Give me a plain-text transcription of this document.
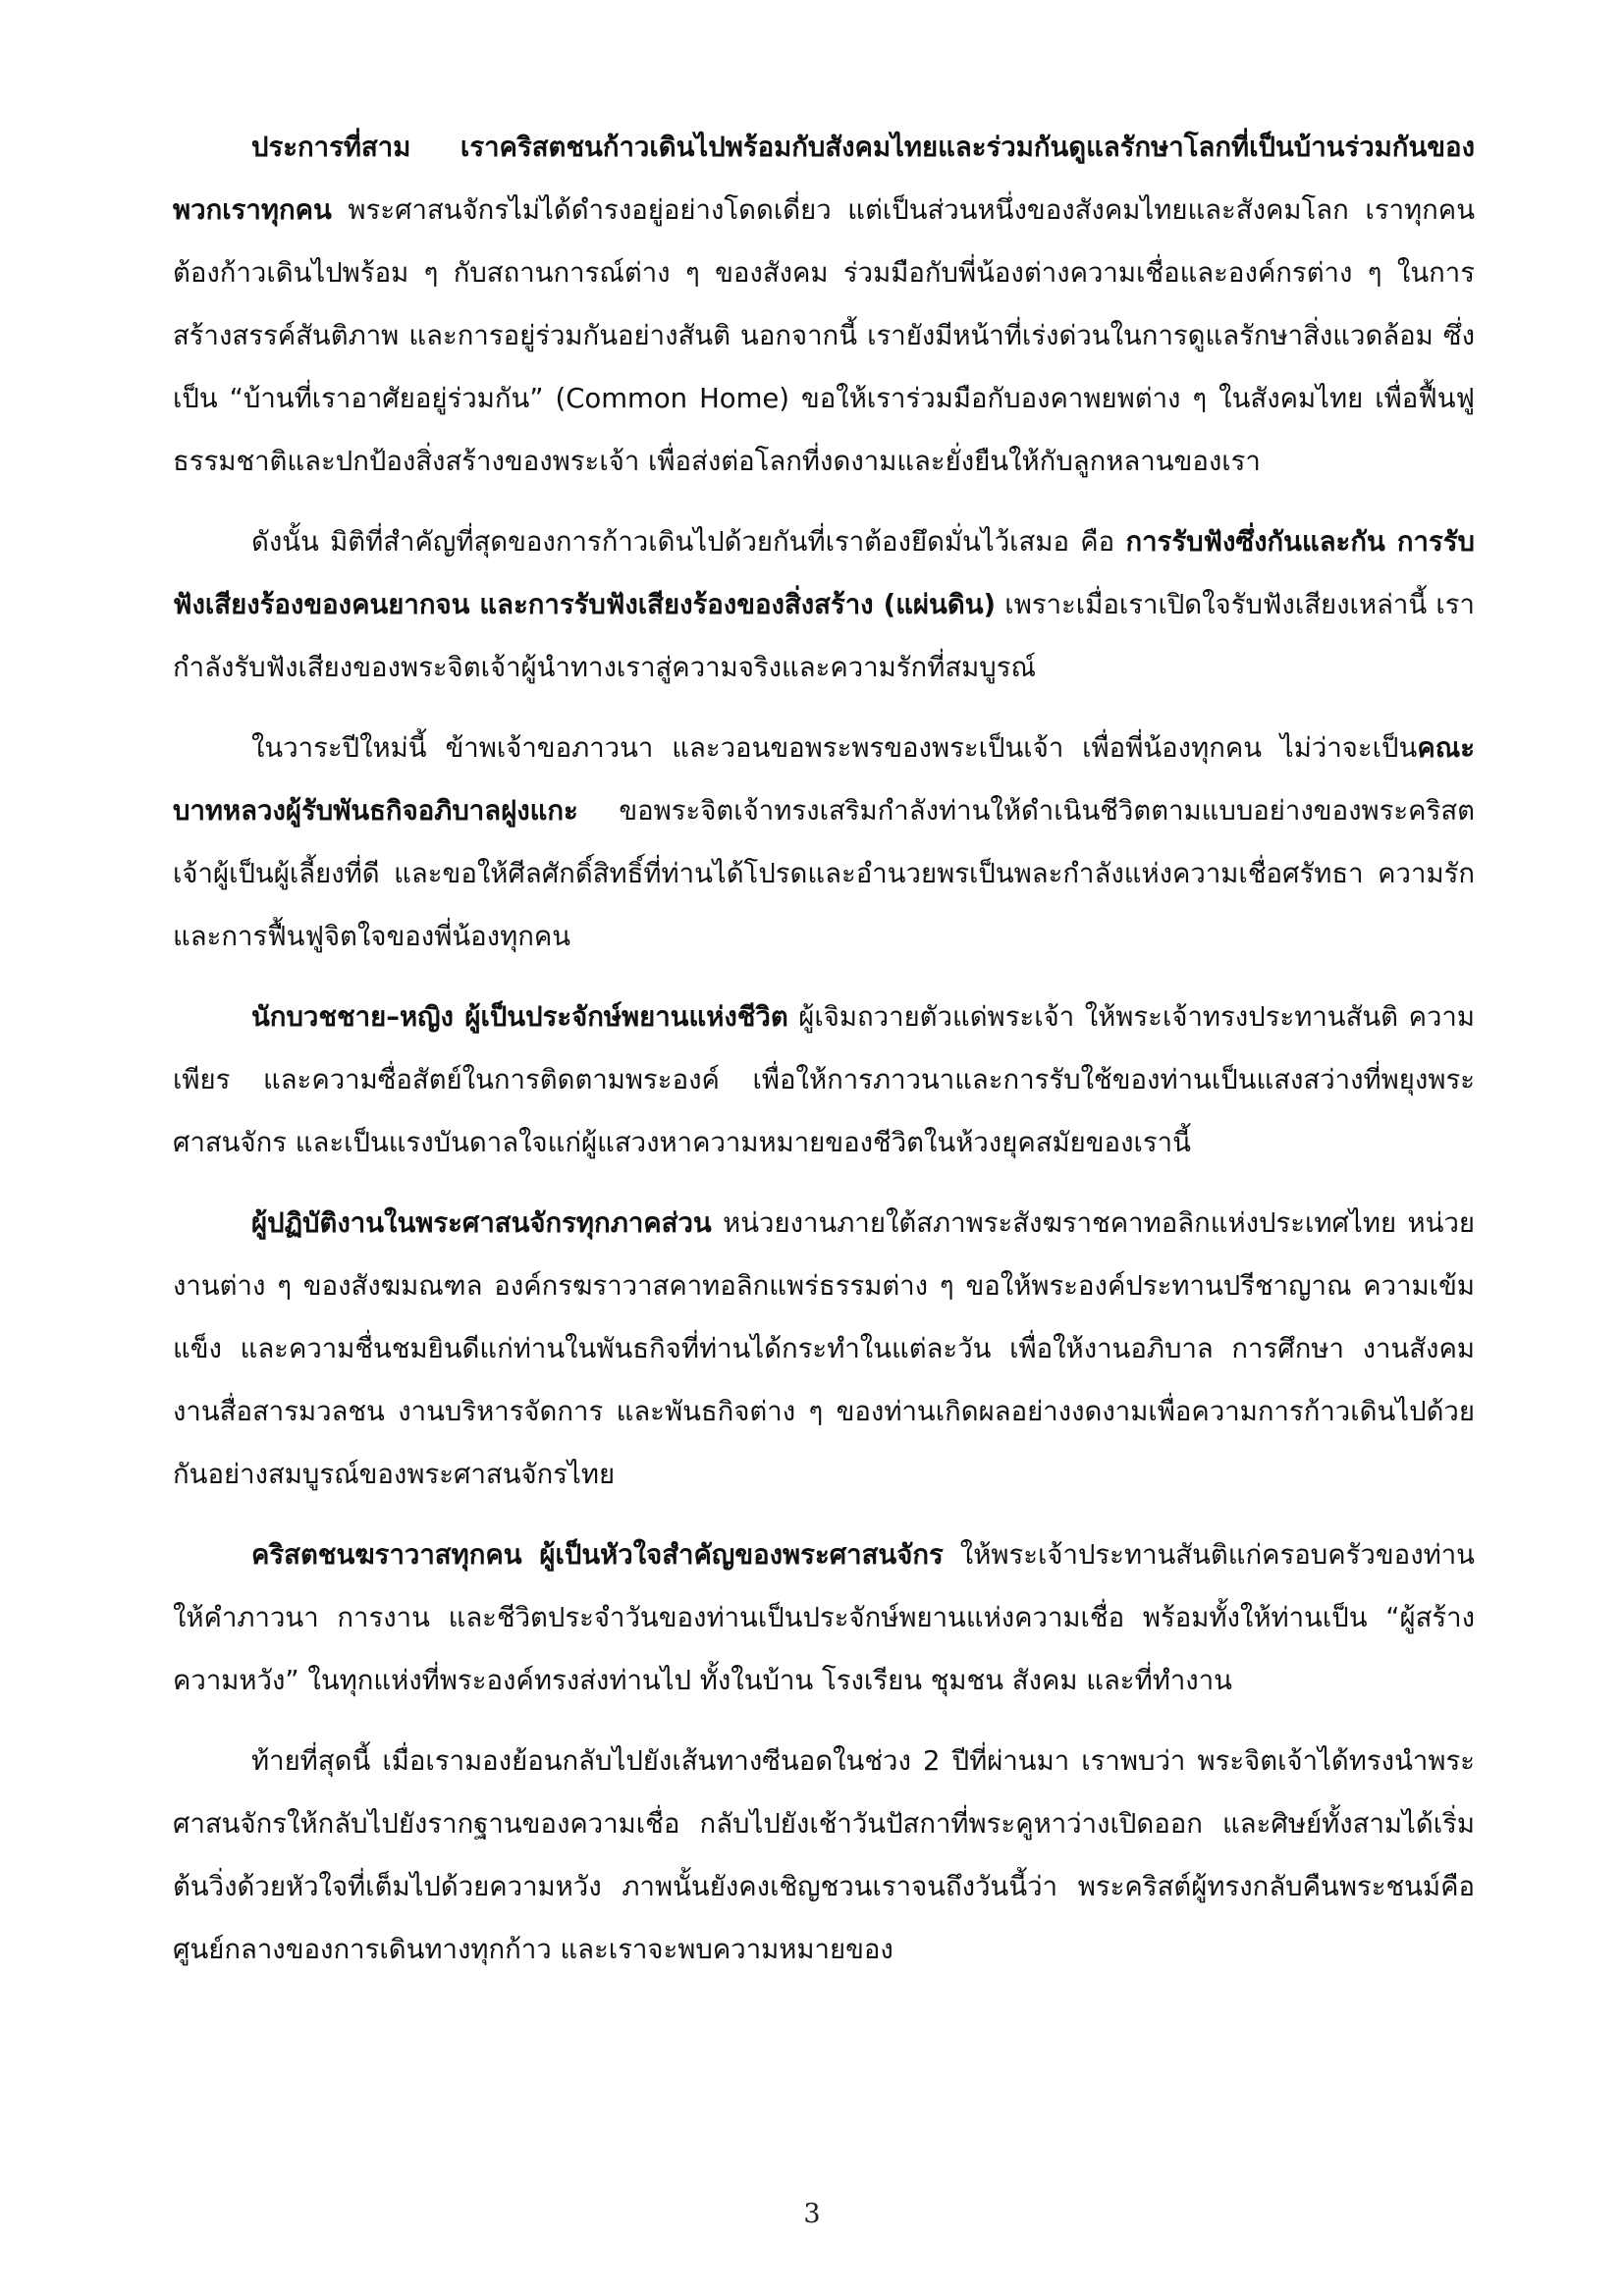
ประการที่สาม เราคริสตชนก้าวเดินไปพร้อมกับสังคมไทยและร่วมกันดูแลรักษาโลกที่เป็นบ้านร่วมกันของพวกเราทุกคน พระศาสนจักรไม่ได้ดำรงอยู่อย่างโดดเดี่ยว แต่เป็นส่วนหนึ่งของสังคมไทยและสังคมโลก เราทุกคนต้องก้าวเดินไปพร้อม ๆ กับสถานการณ์ต่าง ๆ ของสังคม ร่วมมือกับพี่น้องต่างความเชื่อและองค์กรต่าง ๆ ในการสร้างสรรค์สันติภาพ และการอยู่ร่วมกันอย่างสันติ นอกจากนี้ เรายังมีหน้าที่เร่งด่วนในการดูแลรักษาสิ่งแวดล้อม ซึ่งเป็น “บ้านที่เราอาศัยอยู่ร่วมกัน” (Common Home) ขอให้เราร่วมมือกับองคาพยพต่าง ๆ ในสังคมไทย เพื่อฟื้นฟูธรรมชาติและปกป้องสิ่งสร้างของพระเจ้า เพื่อส่งต่อโลกที่งดงามและยั่งยืนให้กับลูกหลานของเรา

ดังนั้น มิติที่สำคัญที่สุดของการก้าวเดินไปด้วยกันที่เราต้องยึดมั่นไว้เสมอ คือ การรับฟังซึ่งกันและกัน การรับฟังเสียงร้องของคนยากจน และการรับฟังเสียงร้องของสิ่งสร้าง (แผ่นดิน) เพราะเมื่อเราเปิดใจรับฟังเสียงเหล่านี้ เรากำลังรับฟังเสียงของพระจิตเจ้าผู้นำทางเราสู่ความจริงและความรักที่สมบูรณ์

ในวาระปีใหม่นี้ ข้าพเจ้าขอภาวนา และวอนขอพระพรของพระเป็นเจ้า เพื่อพี่น้องทุกคน ไม่ว่าจะเป็นคณะบาทหลวงผู้รับพันธกิจอภิบาลฝูงแกะ ขอพระจิตเจ้าทรงเสริมกำลังท่านให้ดำเนินชีวิตตามแบบอย่างของพระคริสตเจ้าผู้เป็นผู้เลี้ยงที่ดี และขอให้ศีลศักดิ์สิทธิ์ที่ท่านได้โปรดและอำนวยพรเป็นพละกำลังแห่งความเชื่อศรัทธา ความรัก และการฟื้นฟูจิตใจของพี่น้องทุกคน

นักบวชชาย–หญิง ผู้เป็นประจักษ์พยานแห่งชีวิต ผู้เจิมถวายตัวแด่พระเจ้า ให้พระเจ้าทรงประทานสันติ ความเพียร และความซื่อสัตย์ในการติดตามพระองค์ เพื่อให้การภาวนาและการรับใช้ของท่านเป็นแสงสว่างที่พยุงพระศาสนจักร และเป็นแรงบันดาลใจแก่ผู้แสวงหาความหมายของชีวิตในห้วงยุคสมัยของเรานี้

ผู้ปฏิบัติงานในพระศาสนจักรทุกภาคส่วน หน่วยงานภายใต้สภาพระสังฆราชคาทอลิกแห่งประเทศไทย หน่วยงานต่าง ๆ ของสังฆมณฑล องค์กรฆราวาสคาทอลิกแพร่ธรรมต่าง ๆ ขอให้พระองค์ประทานปรีชาญาณ ความเข้มแข็ง และความชื่นชมยินดีแก่ท่านในพันธกิจที่ท่านได้กระทำในแต่ละวัน เพื่อให้งานอภิบาล การศึกษา งานสังคม งานสื่อสารมวลชน งานบริหารจัดการ และพันธกิจต่าง ๆ ของท่านเกิดผลอย่างงดงามเพื่อความการก้าวเดินไปด้วยกันอย่างสมบูรณ์ของพระศาสนจักรไทย

คริสตชนฆราวาสทุกคน ผู้เป็นหัวใจสำคัญของพระศาสนจักร ให้พระเจ้าประทานสันติแก่ครอบครัวของท่าน ให้คำภาวนา การงาน และชีวิตประจำวันของท่านเป็นประจักษ์พยานแห่งความเชื่อ พร้อมทั้งให้ท่านเป็น “ผู้สร้างความหวัง” ในทุกแห่งที่พระองค์ทรงส่งท่านไป ทั้งในบ้าน โรงเรียน ชุมชน สังคม และที่ทำงาน

ท้ายที่สุดนี้ เมื่อเรามองย้อนกลับไปยังเส้นทางซีนอดในช่วง 2 ปีที่ผ่านมา เราพบว่า พระจิตเจ้าได้ทรงนำพระศาสนจักรให้กลับไปยังรากฐานของความเชื่อ กลับไปยังเช้าวันปัสกาที่พระคูหาว่างเปิดออก และศิษย์ทั้งสามได้เริ่มต้นวิ่งด้วยหัวใจที่เต็มไปด้วยความหวัง ภาพนั้นยังคงเชิญชวนเราจนถึงวันนี้ว่า พระคริสต์ผู้ทรงกลับคืนพระชนม์คือศูนย์กลางของการเดินทางทุกก้าว และเราจะพบความหมายของ

3
